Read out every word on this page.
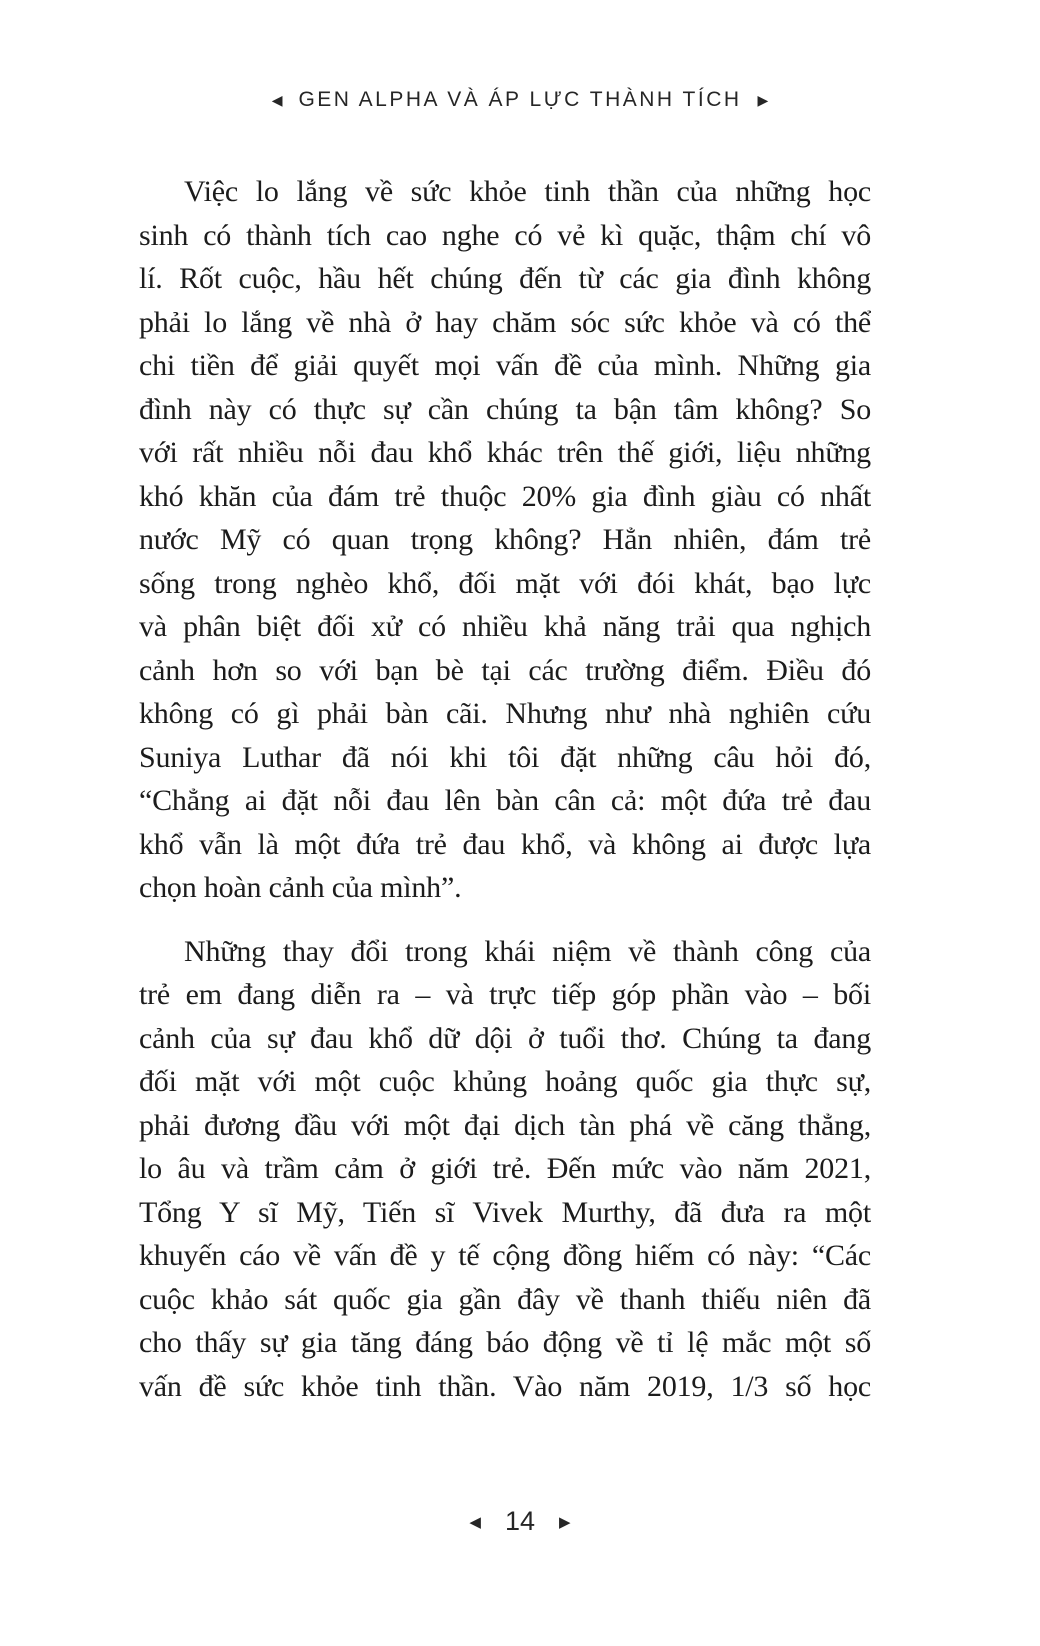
◀ GEN ALPHA VÀ ÁP LỰC THÀNH TÍCH ▶

Việc lo lắng về sức khỏe tinh thần của những học
sinh có thành tích cao nghe có vẻ kì quặc, thậm chí vô
lí. Rốt cuộc, hầu hết chúng đến từ các gia đình không
phải lo lắng về nhà ở hay chăm sóc sức khỏe và có thể
chi tiền để giải quyết mọi vấn đề của mình. Những gia
đình này có thực sự cần chúng ta bận tâm không? So
với rất nhiều nỗi đau khổ khác trên thế giới, liệu những
khó khăn của đám trẻ thuộc 20% gia đình giàu có nhất
nước Mỹ có quan trọng không? Hẳn nhiên, đám trẻ
sống trong nghèo khổ, đối mặt với đói khát, bạo lực
và phân biệt đối xử có nhiều khả năng trải qua nghịch
cảnh hơn so với bạn bè tại các trường điểm. Điều đó
không có gì phải bàn cãi. Nhưng như nhà nghiên cứu
Suniya Luthar đã nói khi tôi đặt những câu hỏi đó,
“Chẳng ai đặt nỗi đau lên bàn cân cả: một đứa trẻ đau
khổ vẫn là một đứa trẻ đau khổ, và không ai được lựa
chọn hoàn cảnh của mình”.

Những thay đổi trong khái niệm về thành công của
trẻ em đang diễn ra – và trực tiếp góp phần vào – bối
cảnh của sự đau khổ dữ dội ở tuổi thơ. Chúng ta đang
đối mặt với một cuộc khủng hoảng quốc gia thực sự,
phải đương đầu với một đại dịch tàn phá về căng thẳng,
lo âu và trầm cảm ở giới trẻ. Đến mức vào năm 2021,
Tổng Y sĩ Mỹ, Tiến sĩ Vivek Murthy, đã đưa ra một
khuyến cáo về vấn đề y tế cộng đồng hiếm có này: “Các
cuộc khảo sát quốc gia gần đây về thanh thiếu niên đã
cho thấy sự gia tăng đáng báo động về tỉ lệ mắc một số
vấn đề sức khỏe tinh thần. Vào năm 2019, 1/3 số học

◀ 14 ▶
